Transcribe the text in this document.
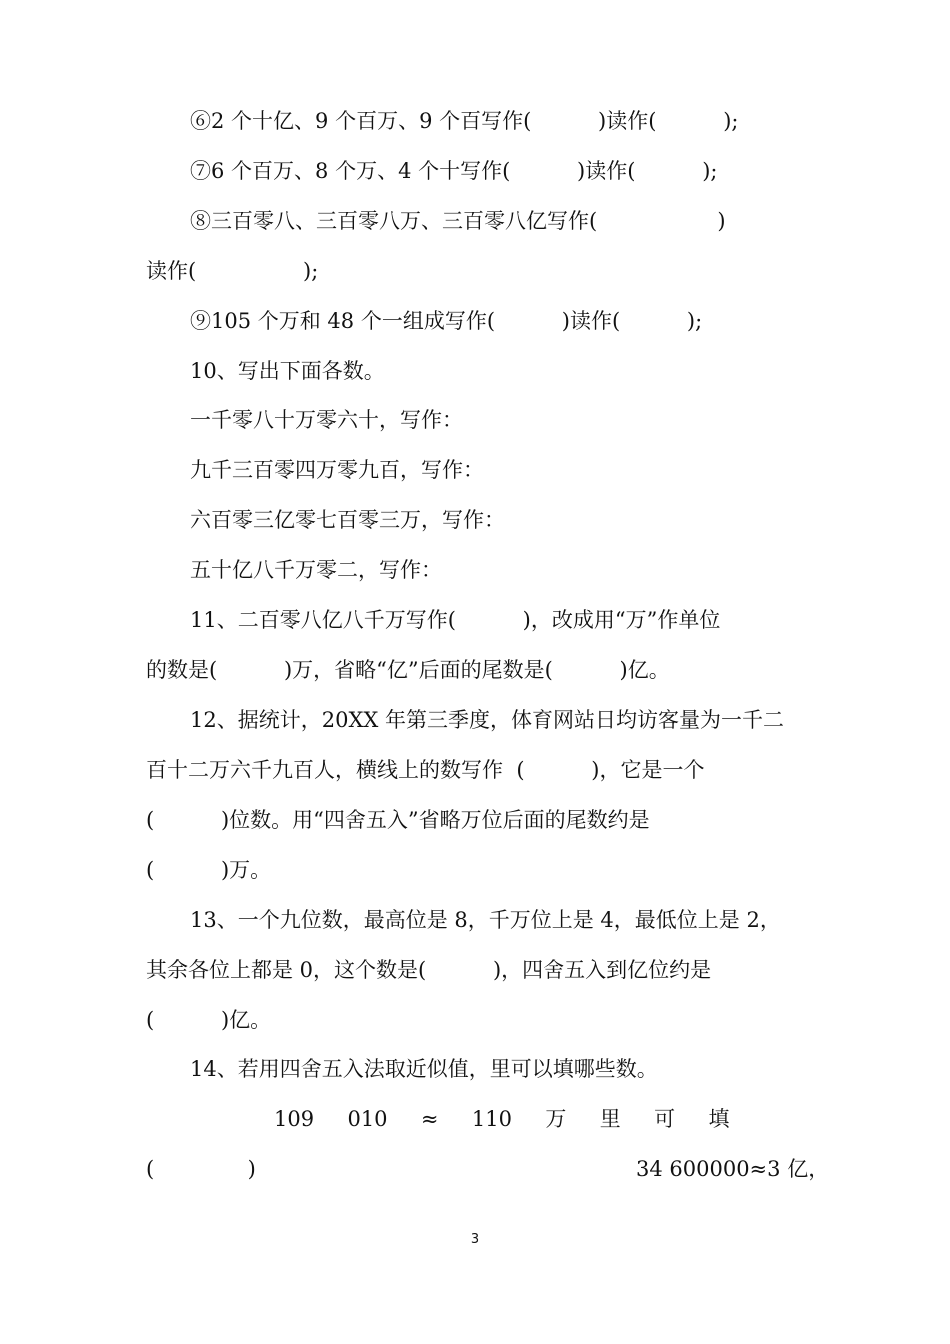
⑥2 个十亿、9 个百万、9 个百写作(          )读作(          );
⑦6 个百万、8 个万、4 个十写作(          )读作(          );
⑧三百零八、三百零八万、三百零八亿写作(                  )
读作(                );
⑨105 个万和 48 个一组成写作(          )读作(          );
10、写出下面各数。
一千零八十万零六十，写作：
九千三百零四万零九百，写作：
六百零三亿零七百零三万，写作：
五十亿八千万零二，写作：
11、二百零八亿八千万写作(          )，改成用“万”作单位
的数是(          )万，省略“亿”后面的尾数是(          )亿。
12、据统计，20XX 年第三季度，体育网站日均访客量为一千二
百十二万六千九百人，横线上的数写作  (          )，它是一个
(          )位数。用“四舍五入”省略万位后面的尾数约是
(          )万。
13、一个九位数，最高位是 8，千万位上是 4，最低位上是 2，
其余各位上都是 0，这个数是(          )，四舍五入到亿位约是
(          )亿。
14、若用四舍五入法取近似值，里可以填哪些数。
109     010     ≈     110     万     里     可     填
(              )	34 600000≈3 亿，
3
